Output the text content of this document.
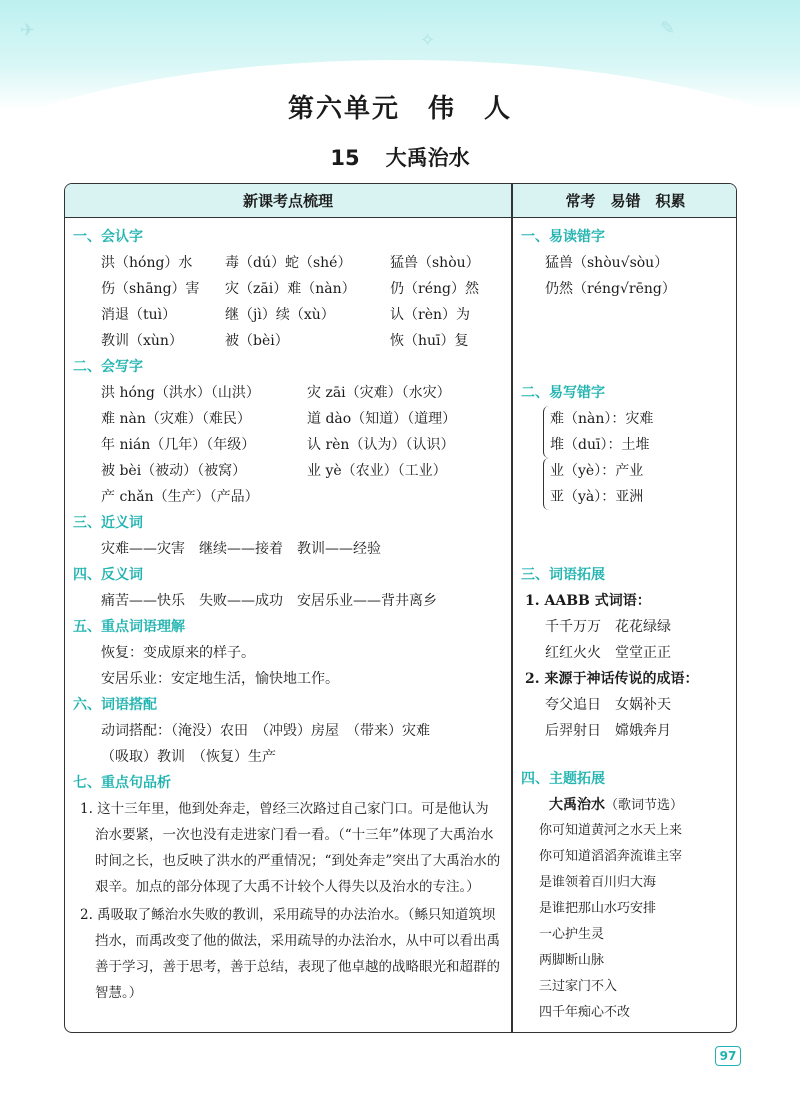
✈	✎
✧
第六单元　伟　人
15 大禹治水
新课考点梳理	常考　易错　积累
一、会认字
洪（hóng）水	毒（dú）蛇（shé）	猛兽（shòu）
伤（shāng）害	灾（zāi）难（nàn）	仍（réng）然
消退（tuì）	继（jì）续（xù）	认（rèn）为
教训（xùn）	被（bèi）	恢（huī）复
二、会写字
洪 hóng（洪水）（山洪）	灾 zāi（灾难）（水灾）
难 nàn（灾难）（难民）	道 dào（知道）（道理）
年 nián（几年）（年级）	认 rèn（认为）（认识）
被 bèi（被动）（被窝）	业 yè（农业）（工业）
产 chǎn（生产）（产品）
三、近义词
灾难——灾害　继续——接着　教训——经验
四、反义词
痛苦——快乐　失败——成功　安居乐业——背井离乡
五、重点词语理解
恢复：变成原来的样子。
安居乐业：安定地生活，愉快地工作。
六、词语搭配
动词搭配：（淹没）农田　（冲毁）房屋　（带来）灾难
（吸取）教训　（恢复）生产
七、重点句品析
1. 这十三年里，他到处奔走，曾经三次路过自己家门口。可是他认为治水要紧，一次也没有走进家门看一看。（“十三年”体现了大禹治水时间之长，也反映了洪水的严重情况；“到处奔走”突出了大禹治水的艰辛。加点的部分体现了大禹不计较个人得失以及治水的专注。）
2. 禹吸取了鲧治水失败的教训，采用疏导的办法治水。（鲧只知道筑坝挡水，而禹改变了他的做法，采用疏导的办法治水，从中可以看出禹善于学习，善于思考，善于总结，表现了他卓越的战略眼光和超群的智慧。）
一、易读错字
猛兽（shòu√sòu）
仍然（réng√rēng）
二、易写错字
难（nàn）：灾难
堆（duī）：土堆
业（yè）：产业
亚（yà）：亚洲
三、词语拓展
1. AABB 式词语：
千千万万　花花绿绿
红红火火　堂堂正正
2. 来源于神话传说的成语：
夸父追日　女娲补天
后羿射日　嫦娥奔月
四、主题拓展
大禹治水（歌词节选）
你可知道黄河之水天上来
你可知道滔滔奔流谁主宰
是谁领着百川归大海
是谁把那山水巧安排
一心护生灵
两脚断山脉
三过家门不入
四千年痴心不改
97
